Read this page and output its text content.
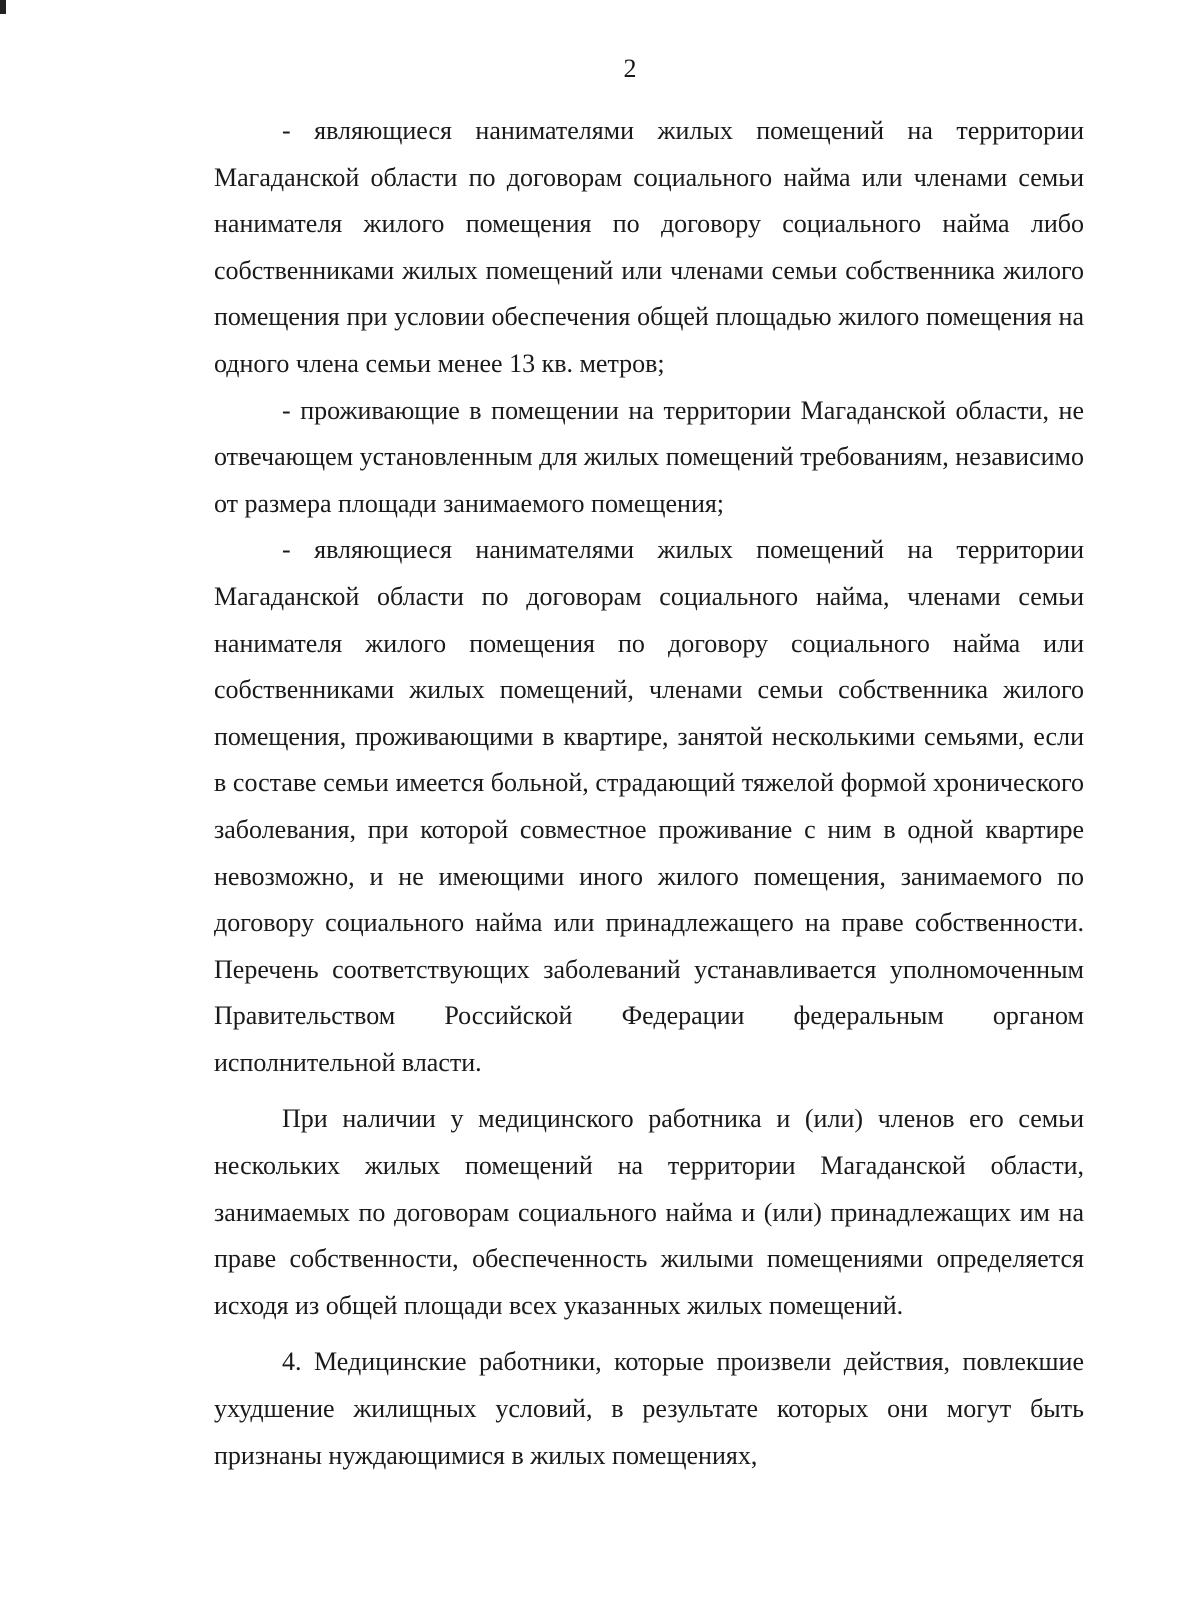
2

- являющиеся нанимателями жилых помещений на территории Магаданской области по договорам социального найма или членами семьи нанимателя жилого помещения по договору социального найма либо собственниками жилых помещений или членами семьи собственника жилого помещения при условии обеспечения общей площадью жилого помещения на одного члена семьи менее 13 кв. метров;

- проживающие в помещении на территории Магаданской области, не отвечающем установленным для жилых помещений требованиям, независимо от размера площади занимаемого помещения;

- являющиеся нанимателями жилых помещений на территории Магаданской области по договорам социального найма, членами семьи нанимателя жилого помещения по договору социального найма или собственниками жилых помещений, членами семьи собственника жилого помещения, проживающими в квартире, занятой несколькими семьями, если в составе семьи имеется больной, страдающий тяжелой формой хронического заболевания, при которой совместное проживание с ним в одной квартире невозможно, и не имеющими иного жилого помещения, занимаемого по договору социального найма или принадлежащего на праве собственности. Перечень соответствующих заболеваний устанавливается уполномоченным Правительством Российской Федерации федеральным органом исполнительной власти.

При наличии у медицинского работника и (или) членов его семьи нескольких жилых помещений на территории Магаданской области, занимаемых по договорам социального найма и (или) принадлежащих им на праве собственности, обеспеченность жилыми помещениями определяется исходя из общей площади всех указанных жилых помещений.

4. Медицинские работники, которые произвели действия, повлекшие ухудшение жилищных условий, в результате которых они могут быть признаны нуждающимися в жилых помещениях,
